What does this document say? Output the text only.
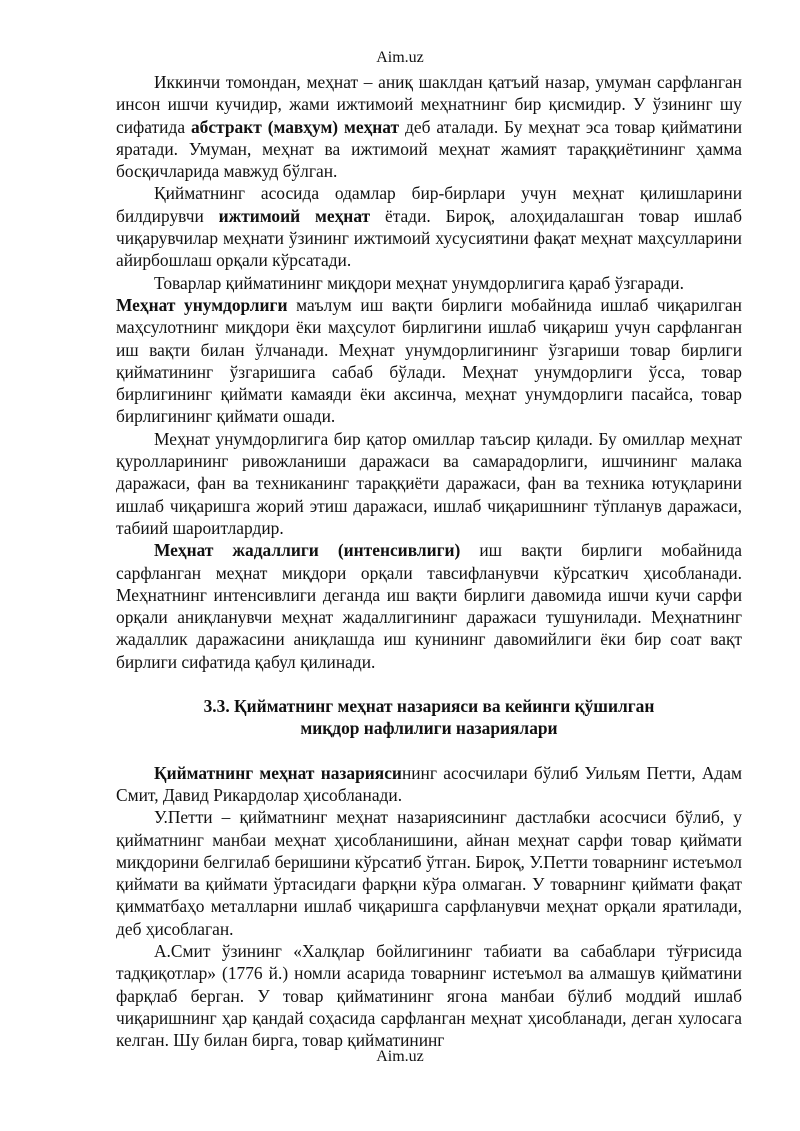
Aim.uz

Иккинчи томондан, меҳнат – аниқ шаклдан қатъий назар, умуман сарфланган инсон ишчи кучидир, жами ижтимоий меҳнатнинг бир қисмидир. У ўзининг шу сифатида абстракт (мавҳум) меҳнат деб аталади. Бу меҳнат эса товар қийматини яратади. Умуман, меҳнат ва ижтимоий меҳнат жамият тараққиётининг ҳамма босқичларида мавжуд бўлган.

Қийматнинг асосида одамлар бир-бирлари учун меҳнат қилишларини билдирувчи ижтимоий меҳнат ётади. Бироқ, алоҳидалашган товар ишлаб чиқарувчилар меҳнати ўзининг ижтимоий хусусиятини фақат меҳнат маҳсулларини айирбошлаш орқали кўрсатади.

Товарлар қийматининг миқдори меҳнат унумдорлигига қараб ўзгаради.

Меҳнат унумдорлиги маълум иш вақти бирлиги мобайнида ишлаб чиқарилган маҳсулотнинг миқдори ёки маҳсулот бирлигини ишлаб чиқариш учун сарфланган иш вақти билан ўлчанади. Меҳнат унумдорлигининг ўзгариши товар бирлиги қийматининг ўзгаришига сабаб бўлади. Меҳнат унумдорлиги ўсса, товар бирлигининг қиймати камаяди ёки аксинча, меҳнат унумдорлиги пасайса, товар бирлигининг қиймати ошади.

Меҳнат унумдорлигига бир қатор омиллар таъсир қилади. Бу омиллар меҳнат қуролларининг ривожланиши даражаси ва самарадорлиги, ишчининг малака даражаси, фан ва техниканинг тараққиёти даражаси, фан ва техника ютуқларини ишлаб чиқаришга жорий этиш даражаси, ишлаб чиқаришнинг тўпланув даражаси, табиий шароитлардир.

Меҳнат жадаллиги (интенсивлиги) иш вақти бирлиги мобайнида сарфланган меҳнат миқдори орқали тавсифланувчи кўрсаткич ҳисобланади. Меҳнатнинг интенсивлиги деганда иш вақти бирлиги давомида ишчи кучи сарфи орқали аниқланувчи меҳнат жадаллигининг даражаси тушунилади. Меҳнатнинг жадаллик даражасини аниқлашда иш кунининг давомийлиги ёки бир соат вақт бирлиги сифатида қабул қилинади.

3.3. Қийматнинг меҳнат назарияси ва кейинги қўшилган
миқдор нафлилиги назариялари

Қийматнинг меҳнат назариясининг асосчилари бўлиб Уильям Петти, Адам Смит, Давид Рикардолар ҳисобланади.

У.Петти – қийматнинг меҳнат назариясининг дастлабки асосчиси бўлиб, у қийматнинг манбаи меҳнат ҳисобланишини, айнан меҳнат сарфи товар қиймати миқдорини белгилаб беришини кўрсатиб ўтган. Бироқ, У.Петти товарнинг истеъмол қиймати ва қиймати ўртасидаги фарқни кўра олмаган. У товарнинг қиймати фақат қимматбаҳо металларни ишлаб чиқаришга сарфланувчи меҳнат орқали яратилади, деб ҳисоблаган.

А.Смит ўзининг «Халқлар бойлигининг табиати ва сабаблари тўғрисида тадқиқотлар» (1776 й.) номли асарида товарнинг истеъмол ва алмашув қийматини фарқлаб берган. У товар қийматининг ягона манбаи бўлиб моддий ишлаб чиқаришнинг ҳар қандай соҳасида сарфланган меҳнат ҳисобланади, деган хулосага келган. Шу билан бирга, товар қийматининг

Aim.uz
